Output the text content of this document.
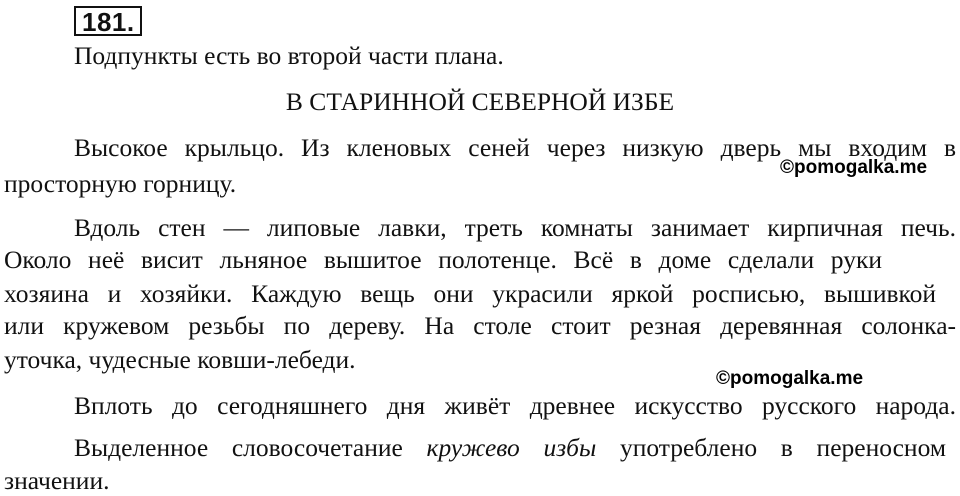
181.
Подпункты есть во второй части плана.
В СТАРИННОЙ СЕВЕРНОЙ ИЗБЕ
Высокое крыльцо. Из кленовых сеней через низкую дверь мы входим в
просторную горницу.
Вдоль стен — липовые лавки, треть комнаты занимает кирпичная печь.
Около неё висит льняное вышитое полотенце. Всё в доме сделали руки
хозяина и хозяйки. Каждую вещь они украсили яркой росписью, вышивкой
или кружевом резьбы по дереву. На столе стоит резная деревянная солонка-
уточка, чудесные ковши-лебеди.
Вплоть до сегодняшнего дня живёт древнее искусство русского народа.
Выделенное словосочетание кружево избы употреблено в переносном
значении.
©pomogalka.me
©pomogalka.me
